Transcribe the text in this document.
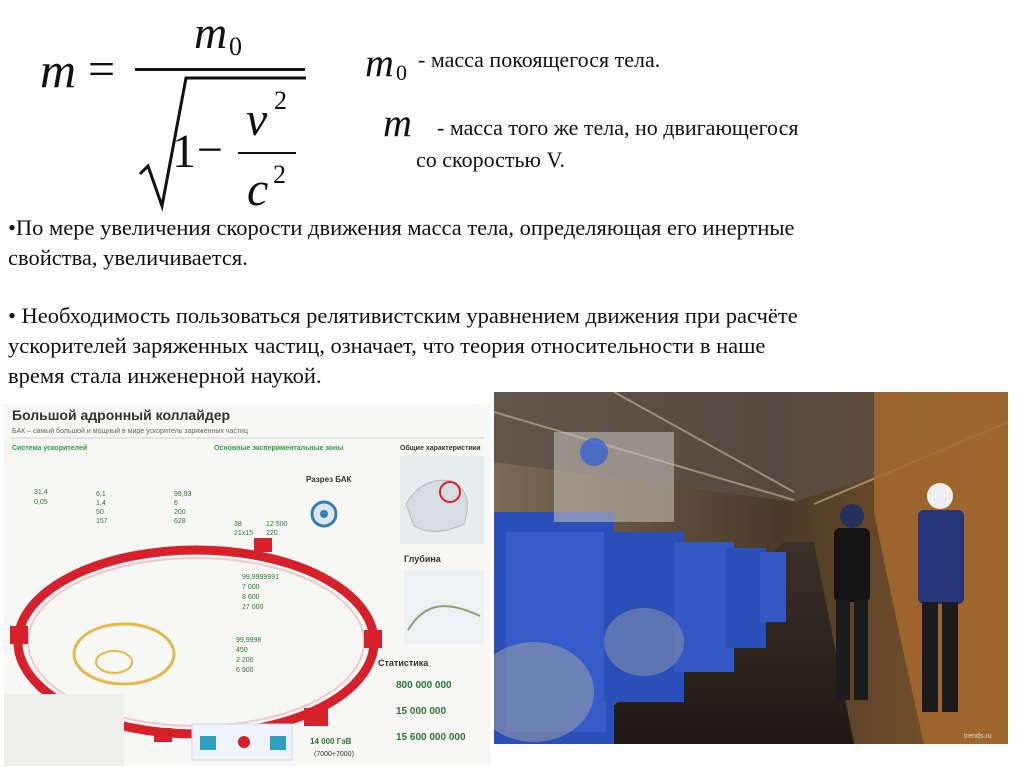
m =
m 0
1 −
v 2
c 2
m 0
- масса покоящегося тела.
m - масса того же тела, но двигающегося
со скоростью V.
•По мере увеличения скорости движения масса тела, определяющая его инертные
свойства, увеличивается.
• Необходимость пользоваться релятивистским уравнением движения при расчёте
ускорителей заряженных частиц, означает, что теория относительности в наше
время стала инженерной наукой.
Большой адронный коллайдер
БАК – самый большой и мощный в мире ускоритель заряженных частиц
Система ускорителей	Основные экспериментальные зоны	Общие характеристики
31,4
0,05
6,1
1,4
50
157
99,93
6
200
628	38	12 500
21х15 220
Разрез БАК
Глубина
Статистика
800 000 000
15 000 000
15 600 000 000
99,9999991
7 000
8 600
27 000
99,9998
450
2 200
6 900
14 000 ГэВ
(7000+7000)
trends.ru
